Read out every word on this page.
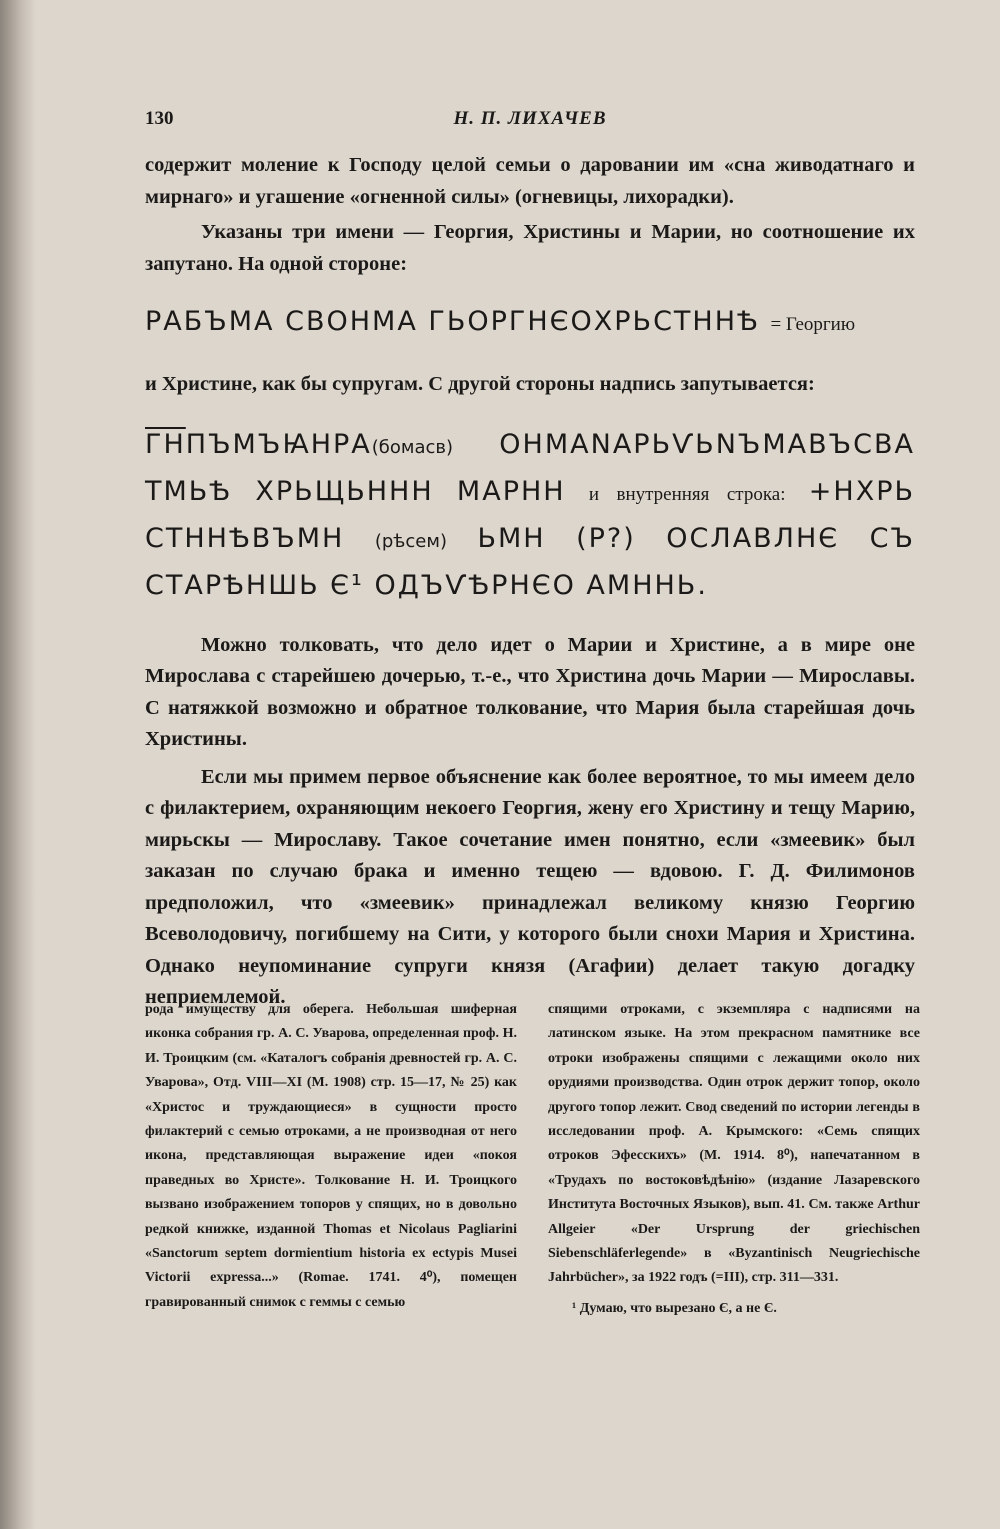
130	Н. П. ЛИХАЧЕВ

содержит моление к Господу целой семьи о даровании им «сна живодатнаго и мирнаго» и угашение «огненной силы» (огневицы, лихорадки).

Указаны три имени — Георгия, Христины и Марии, но соотношение их запутано. На одной стороне:

РАБЪМА СВОНМА ГЬОРГНЄОХРЬСТННѢ = Георгию

и Христине, как бы супругам. С другой стороны надпись запутывается:

ГНПЪМЪꙖНРА(бомасв) ОНМАNАРЬѴЬNЪМАВЪСВА ТМЬѢ ХРЬЩЬННН МАРНН и внутренняя строка: +НХРЬ СТННѢВЪМН (рѣсем) ЬМН (Р?) ОСЛАВЛНЄ СЪ СТАРѢНШЬ Є¹ ОДЪѴѢРНЄО АМННЬ.

Можно толковать, что дело идет о Марии и Христине, а в мире оне Мирослава с старейшею дочерью, т.-е., что Христина дочь Марии — Мирославы. С натяжкой возможно и обратное толкование, что Мария была старейшая дочь Христины.

Если мы примем первое объяснение как более вероятное, то мы имеем дело с филактерием, охраняющим некоего Георгия, жену его Христину и тещу Марию, мирьскы — Мирославу. Такое сочетание имен понятно, если «змеевик» был заказан по случаю брака и именно тещею — вдовою. Г. Д. Филимонов предположил, что «змеевик» принадлежал великому князю Георгию Всеволодовичу, погибшему на Сити, у которого были снохи Мария и Христина. Однако неупоминание супруги князя (Агафии) делает такую догадку неприемлемой.

рода имуществу для оберега. Небольшая шиферная иконка собрания гр. А. С. Уварова, определенная проф. Н. И. Троицким (см. «Каталогъ собранія древностей гр. А. С. Уварова», Отд. VIII—XI (М. 1908) стр. 15—17, № 25) как «Христос и труждающиеся» в сущности просто филактерий с семью отроками, а не производная от него икона, представляющая выражение идеи «покоя праведных во Христе». Толкование Н. И. Троицкого вызвано изображением топоров у спящих, но в довольно редкой книжке, изданной Thomas et Nicolaus Pagliarini «Sanctorum septem dormientium historia ex ectypis Musei Victorii expressa...» (Romae. 1741. 4⁰), помещен гравированный снимок с геммы с семью

спящими отроками, с экземпляра с надписями на латинском языке. На этом прекрасном памятнике все отроки изображены спящими с лежащими около них орудиями производства. Один отрок держит топор, около другого топор лежит. Свод сведений по истории легенды в исследовании проф. А. Крымского: «Семь спящих отроков Эфесскихъ» (М. 1914. 8⁰), напечатанном в «Трудахъ по востоковѣдѣнію» (издание Лазаревского Института Восточных Языков), вып. 41. См. также Arthur Allgeier «Der Ursprung der griechischen Siebenschläferlegende» в «Byzantinisch Neugriechische Jahrbücher», за 1922 годъ (=III), стр. 311—331.

¹ Думаю, что вырезано Є, а не Є.
